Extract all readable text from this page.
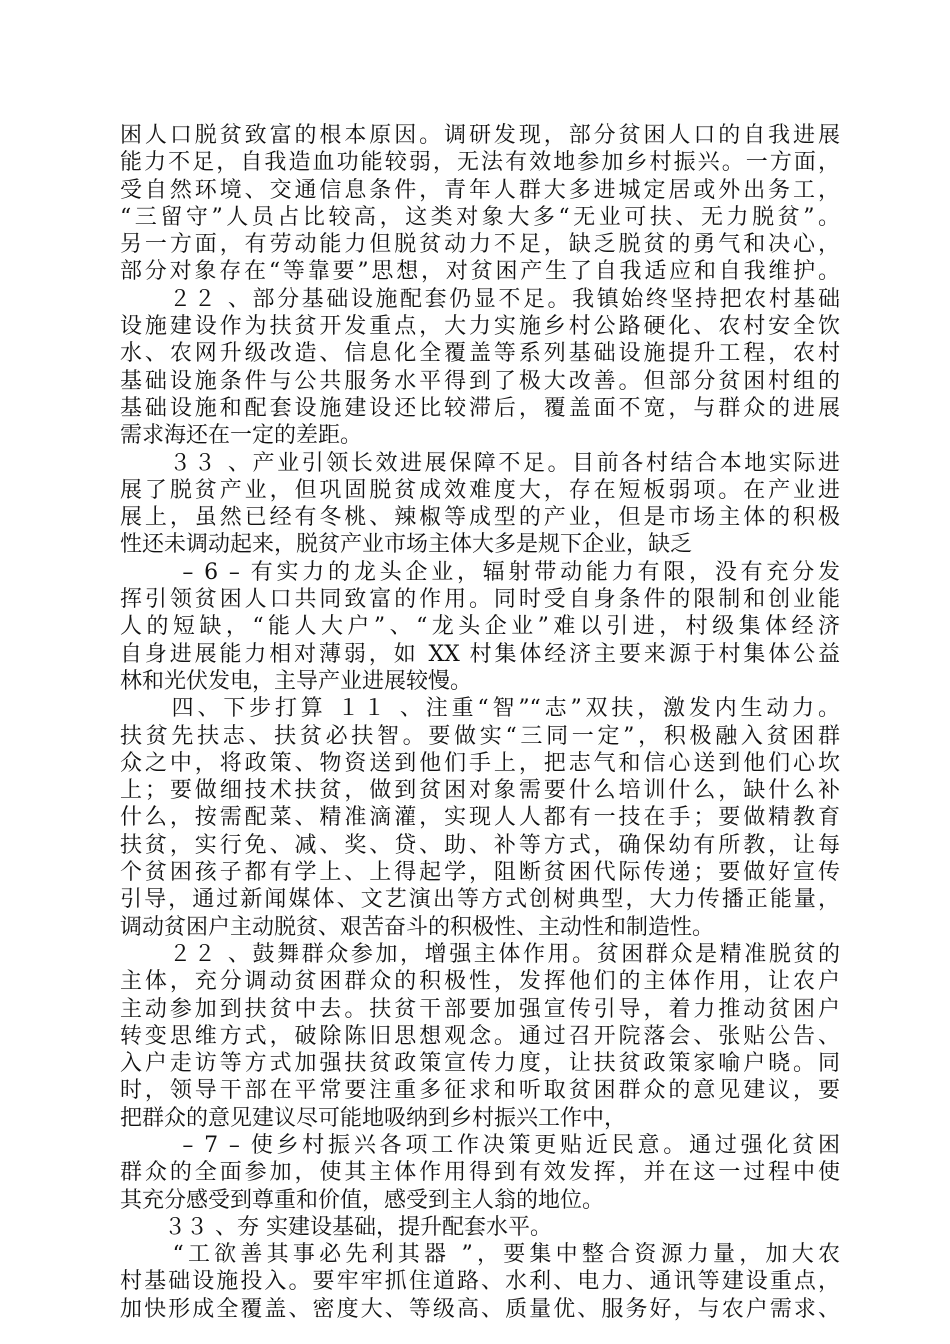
困人口脱贫致富的根本原因。调研发现，部分贫困人口的自我进展
能力不足，自我造血功能较弱，无法有效地参加乡村振兴。一方面，
受自然环境、交通信息条件，青年人群大多进城定居或外出务工，
“三留守”人员占比较高，这类对象大多“无业可扶、无力脱贫”。
另一方面，有劳动能力但脱贫动力不足，缺乏脱贫的勇气和决心，
部分对象存在“等靠要”思想，对贫困产生了自我适应和自我维护。
　　２２ 、部分基础设施配套仍显不足。我镇始终坚持把农村基础
设施建设作为扶贫开发重点，大力实施乡村公路硬化、农村安全饮
水、农网升级改造、信息化全覆盖等系列基础设施提升工程，农村
基础设施条件与公共服务水平得到了极大改善。但部分贫困村组的
基础设施和配套设施建设还比较滞后，覆盖面不宽，与群众的进展
需求海还在一定的差距。
　　３３ 、产业引领长效进展保障不足。目前各村结合本地实际进
展了脱贫产业，但巩固脱贫成效难度大，存在短板弱项。在产业进
展上，虽然已经有冬桃、辣椒等成型的产业，但是市场主体的积极
性还未调动起来，脱贫产业市场主体大多是规下企业，缺乏
　　 – 6 – 有实力的龙头企业，辐射带动能力有限，没有充分发
挥引领贫困人口共同致富的作用。同时受自身条件的限制和创业能
人的短缺，“能人大户”、“龙头企业”难以引进，村级集体经济
自身进展能力相对薄弱，如 XX 村集体经济主要来源于村集体公益
林和光伏发电，主导产业进展较慢。
　　四、下步打算 １１ 、注重“智”“志”双扶，激发内生动力。
扶贫先扶志、扶贫必扶智。要做实“三同一定”，积极融入贫困群
众之中，将政策、物资送到他们手上，把志气和信心送到他们心坎
上；要做细技术扶贫，做到贫困对象需要什么培训什么，缺什么补
什么，按需配菜、精准滴灌，实现人人都有一技在手；要做精教育
扶贫，实行免、减、奖、贷、助、补等方式，确保幼有所教，让每
个贫困孩子都有学上、上得起学，阻断贫困代际传递；要做好宣传
引导，通过新闻媒体、文艺演出等方式创树典型，大力传播正能量，
调动贫困户主动脱贫、艰苦奋斗的积极性、主动性和制造性。
　　２２ 、鼓舞群众参加，增强主体作用。贫困群众是精准脱贫的
主体，充分调动贫困群众的积极性，发挥他们的主体作用，让农户
主动参加到扶贫中去。扶贫干部要加强宣传引导，着力推动贫困户
转变思维方式，破除陈旧思想观念。通过召开院落会、张贴公告、
入户走访等方式加强扶贫政策宣传力度，让扶贫政策家喻户晓。同
时，领导干部在平常要注重多征求和听取贫困群众的意见建议，要
把群众的意见建议尽可能地吸纳到乡村振兴工作中，
　　 – 7 – 使乡村振兴各项工作决策更贴近民意。通过强化贫困
群众的全面参加，使其主体作用得到有效发挥，并在这一过程中使
其充分感受到尊重和价值，感受到主人翁的地位。
　　３３ 、夯 实建设基础，提升配套水平。
　　“工欲善其事必先利其器 ”，要集中整合资源力量，加大农
村基础设施投入。要牢牢抓住道路、水利、电力、通讯等建设重点，
加快形成全覆盖、密度大、等级高、质量优、服务好，与农户需求、
